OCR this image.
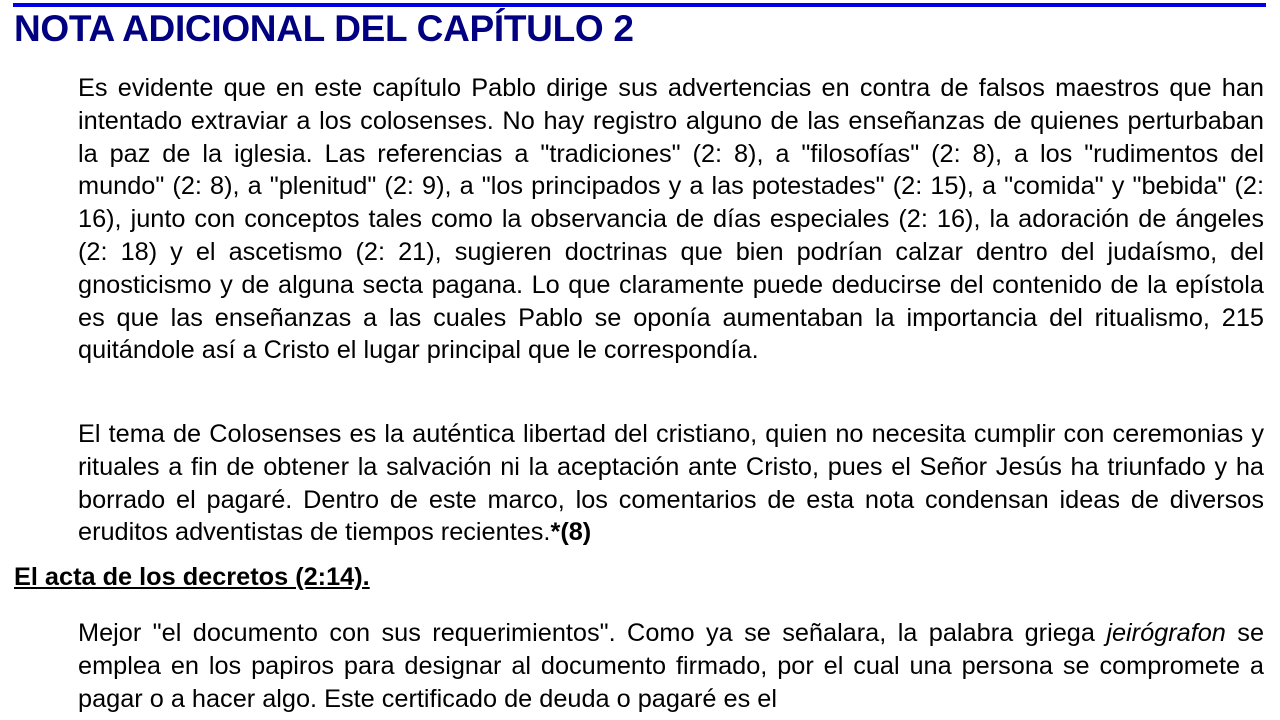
NOTA ADICIONAL DEL CAPÍTULO 2

Es evidente que en este capítulo Pablo dirige sus advertencias en contra de falsos maestros que han intentado extraviar a los colosenses. No hay registro alguno de las enseñanzas de quienes perturbaban la paz de la iglesia. Las referencias a "tradiciones" (2: 8), a "filosofías" (2: 8), a los "rudimentos del mundo" (2: 8), a "plenitud" (2: 9), a "los principados y a las potestades" (2: 15), a "comida" y "bebida" (2: 16), junto con conceptos tales como la observancia de días especiales (2: 16), la adoración de ángeles (2: 18) y el ascetismo (2: 21), sugieren doctrinas que bien podrían calzar dentro del judaísmo, del gnosticismo y de alguna secta pagana. Lo que claramente puede deducirse del contenido de la epístola es que las enseñanzas a las cuales Pablo se oponía aumentaban la importancia del ritualismo, 215 quitándole así a Cristo el lugar principal que le correspondía.

El tema de Colosenses es la auténtica libertad del cristiano, quien no necesita cumplir con ceremonias y rituales a fin de obtener la salvación ni la aceptación ante Cristo, pues el Señor Jesús ha triunfado y ha borrado el pagaré. Dentro de este marco, los comentarios de esta nota condensan ideas de diversos eruditos adventistas de tiempos recientes.*(8)

El acta de los decretos (2:14).

Mejor "el documento con sus requerimientos". Como ya se señalara, la palabra griega jeirógrafon se emplea en los papiros para designar al documento firmado, por el cual una persona se compromete a pagar o a hacer algo. Este certificado de deuda o pagaré es el
